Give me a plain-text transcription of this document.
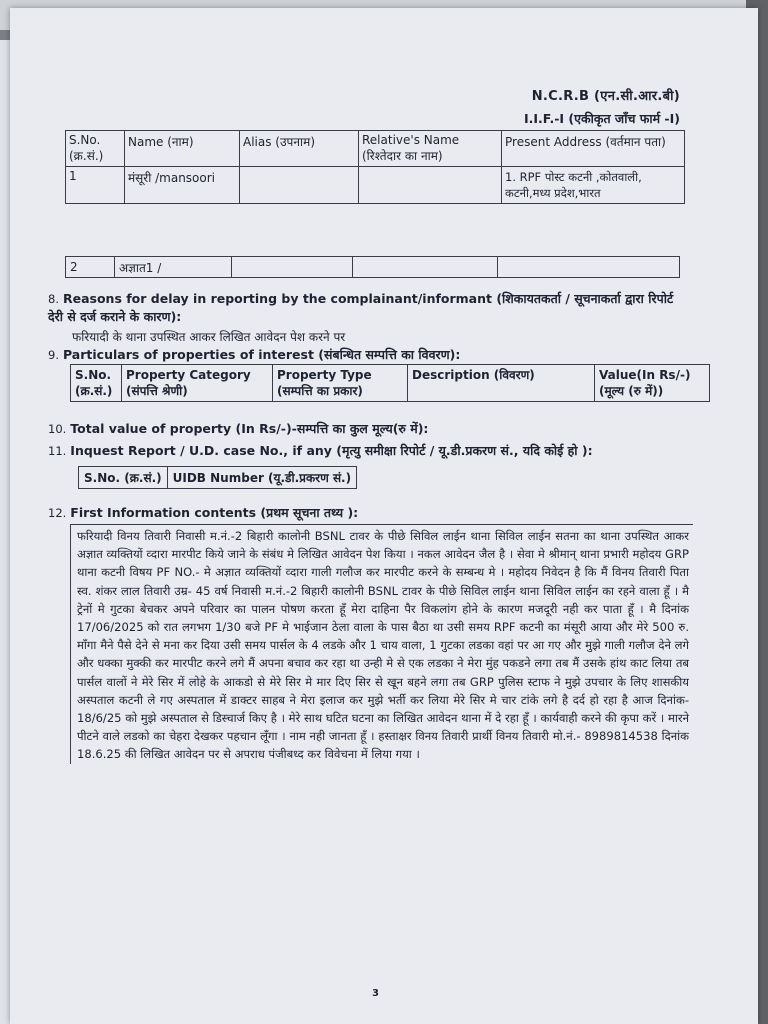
N.C.R.B (एन.सी.आर.बी)
I.I.F.-I (एकीकृत जाँच फार्म -I)
S.No. (क्र.सं.)	Name (नाम)	Alias (उपनाम)	Relative's Name (रिश्तेदार का नाम)	Present Address (वर्तमान पता)
1	मंसूरी /mansoori			1. RPF पोस्ट कटनी ,कोतवाली, कटनी,मध्य प्रदेश,भारत
2	अज्ञात1 /			
8. Reasons for delay in reporting by the complainant/informant (शिकायतकर्ता / सूचनाकर्ता द्वारा रिपोर्ट देरी से दर्ज कराने के कारण):
फरियादी के थाना उपस्थित आकर लिखित आवेदन पेश करने पर
9. Particulars of properties of interest (संबन्धित सम्पत्ति का विवरण):
S.No. (क्र.सं.)	Property Category (संपत्ति श्रेणी)	Property Type (सम्पत्ति का प्रकार)	Description (विवरण)	Value(In Rs/-) (मूल्य (रु में))
10. Total value of property (In Rs/-)-सम्पत्ति का कुल मूल्य(रु में):
11. Inquest Report / U.D. case No., if any (मृत्यु समीक्षा रिपोर्ट / यू.डी.प्रकरण सं., यदि कोई हो ):
S.No. (क्र.सं.)	UIDB Number (यू.डी.प्रकरण सं.)
12. First Information contents (प्रथम सूचना तथ्य ):
फरियादी विनय तिवारी निवासी म.नं.-2 बिहारी कालोनी BSNL टावर के पीछे सिविल लाईन थाना सिविल लाईन सतना का थाना उपस्थित आकर अज्ञात व्यक्तियों व्दारा मारपीट किये जाने के संबंध मे लिखित आवेदन पेश किया । नकल आवेदन जैल है । सेवा मे श्रीमान् थाना प्रभारी महोदय GRP थाना कटनी विषय PF NO.- मे अज्ञात व्यक्तियों व्दारा गाली गलौज कर मारपीट करने के सम्बन्ध मे । महोदय निवेदन है कि मैं विनय तिवारी पिता स्व. शंकर लाल तिवारी उम्र- 45 वर्ष निवासी म.नं.-2 बिहारी कालोनी BSNL टावर के पीछे सिविल लाईन थाना सिविल लाईन का रहने वाला हूँ । मै ट्रेनों मे गुटका बेचकर अपने परिवार का पालन पोषण करता हूँ मेरा दाहिना पैर विकलांग होने के कारण मजदूरी नही कर पाता हूँ । मै दिनांक 17/06/2025 को रात लगभग 1/30 बजे PF मे भाईजान ठेला वाला के पास बैठा था उसी समय RPF कटनी का मंसूरी आया और मेरे 500 रु. माँगा मैने पैसे देने से मना कर दिया उसी समय पार्सल के 4 लडके और 1 चाय वाला, 1 गुटका लडका वहां पर आ गए और मुझे गाली गलौज देने लगे और धक्का मुक्की कर मारपीट करने लगे मैं अपना बचाव कर रहा था उन्ही मे से एक लडका ने मेरा मुंह पकडने लगा तब मैं उसके हांथ काट लिया तब पार्सल वालों ने मेरे सिर में लोहे के आकडो से मेरे सिर मे मार दिए सिर से खून बहने लगा तब GRP पुलिस स्टाफ ने मुझे उपचार के लिए शासकीय अस्पताल कटनी ले गए अस्पताल में डाक्टर साहब ने मेरा इलाज कर मुझे भर्ती कर लिया मेरे सिर मे चार टांके लगे है दर्द हो रहा है आज दिनांक- 18/6/25 को मुझे अस्पताल से डिस्चार्ज किए है । मेरे साथ घटित घटना का लिखित आवेदन थाना में दे रहा हूँ । कार्यवाही करने की कृपा करें । मारने पीटने वाले लडको का चेहरा देखकर पहचान लूँगा । नाम नही जानता हूँ । हस्ताक्षर विनय तिवारी प्रार्थी विनय तिवारी मो.नं.- 8989814538 दिनांक 18.6.25 की लिखित आवेदन पर से अपराध पंजीबध्द कर विवेचना में लिया गया ।
3
